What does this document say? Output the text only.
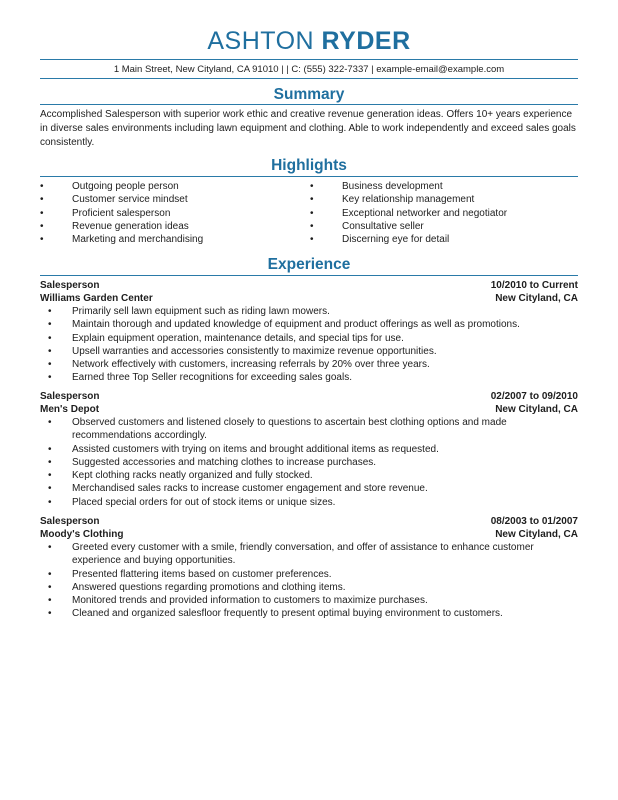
ASHTON RYDER
1 Main Street, New Cityland, CA 91010 | | C: (555) 322-7337 | example-email@example.com
Summary
Accomplished Salesperson with superior work ethic and creative revenue generation ideas. Offers 10+ years experience in diverse sales environments including lawn equipment and clothing. Able to work independently and exceed sales goals consistently.
Highlights
• Outgoing people person
• Customer service mindset
• Proficient salesperson
• Revenue generation ideas
• Marketing and merchandising
• Business development
• Key relationship management
• Exceptional networker and negotiator
• Consultative seller
• Discerning eye for detail
Experience
Salesperson	10/2010 to Current
Williams Garden Center	New Cityland, CA
• Primarily sell lawn equipment such as riding lawn mowers.
• Maintain thorough and updated knowledge of equipment and product offerings as well as promotions.
• Explain equipment operation, maintenance details, and special tips for use.
• Upsell warranties and accessories consistently to maximize revenue opportunities.
• Network effectively with customers, increasing referrals by 20% over three years.
• Earned three Top Seller recognitions for exceeding sales goals.
Salesperson	02/2007 to 09/2010
Men's Depot	New Cityland, CA
• Observed customers and listened closely to questions to ascertain best clothing options and made recommendations accordingly.
• Assisted customers with trying on items and brought additional items as requested.
• Suggested accessories and matching clothes to increase purchases.
• Kept clothing racks neatly organized and fully stocked.
• Merchandised sales racks to increase customer engagement and store revenue.
• Placed special orders for out of stock items or unique sizes.
Salesperson	08/2003 to 01/2007
Moody's Clothing	New Cityland, CA
• Greeted every customer with a smile, friendly conversation, and offer of assistance to enhance customer experience and buying opportunities.
• Presented flattering items based on customer preferences.
• Answered questions regarding promotions and clothing items.
• Monitored trends and provided information to customers to maximize purchases.
• Cleaned and organized salesfloor frequently to present optimal buying environment to customers.
